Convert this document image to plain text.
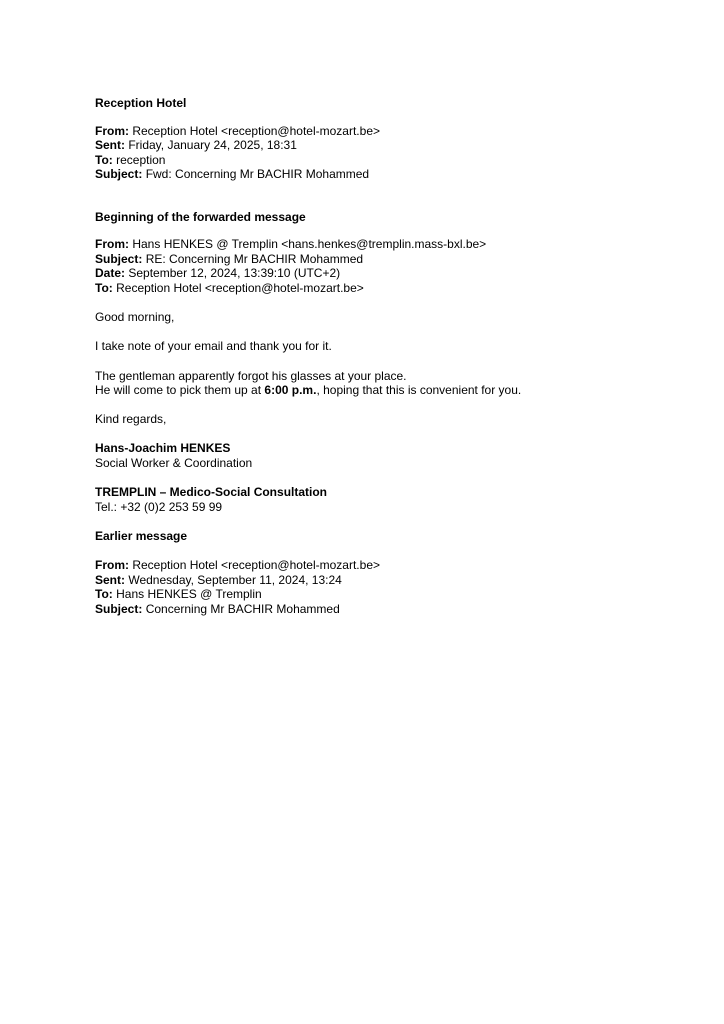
Reception Hotel
From: Reception Hotel <reception@hotel-mozart.be>
Sent: Friday, January 24, 2025, 18:31
To: reception
Subject: Fwd: Concerning Mr BACHIR Mohammed
Beginning of the forwarded message
From: Hans HENKES @ Tremplin <hans.henkes@tremplin.mass-bxl.be>
Subject: RE: Concerning Mr BACHIR Mohammed
Date: September 12, 2024, 13:39:10 (UTC+2)
To: Reception Hotel <reception@hotel-mozart.be>
Good morning,
I take note of your email and thank you for it.
The gentleman apparently forgot his glasses at your place.
He will come to pick them up at 6:00 p.m., hoping that this is convenient for you.
Kind regards,
Hans-Joachim HENKES
Social Worker & Coordination
TREMPLIN – Medico-Social Consultation
Tel.: +32 (0)2 253 59 99
Earlier message
From: Reception Hotel <reception@hotel-mozart.be>
Sent: Wednesday, September 11, 2024, 13:24
To: Hans HENKES @ Tremplin
Subject: Concerning Mr BACHIR Mohammed
